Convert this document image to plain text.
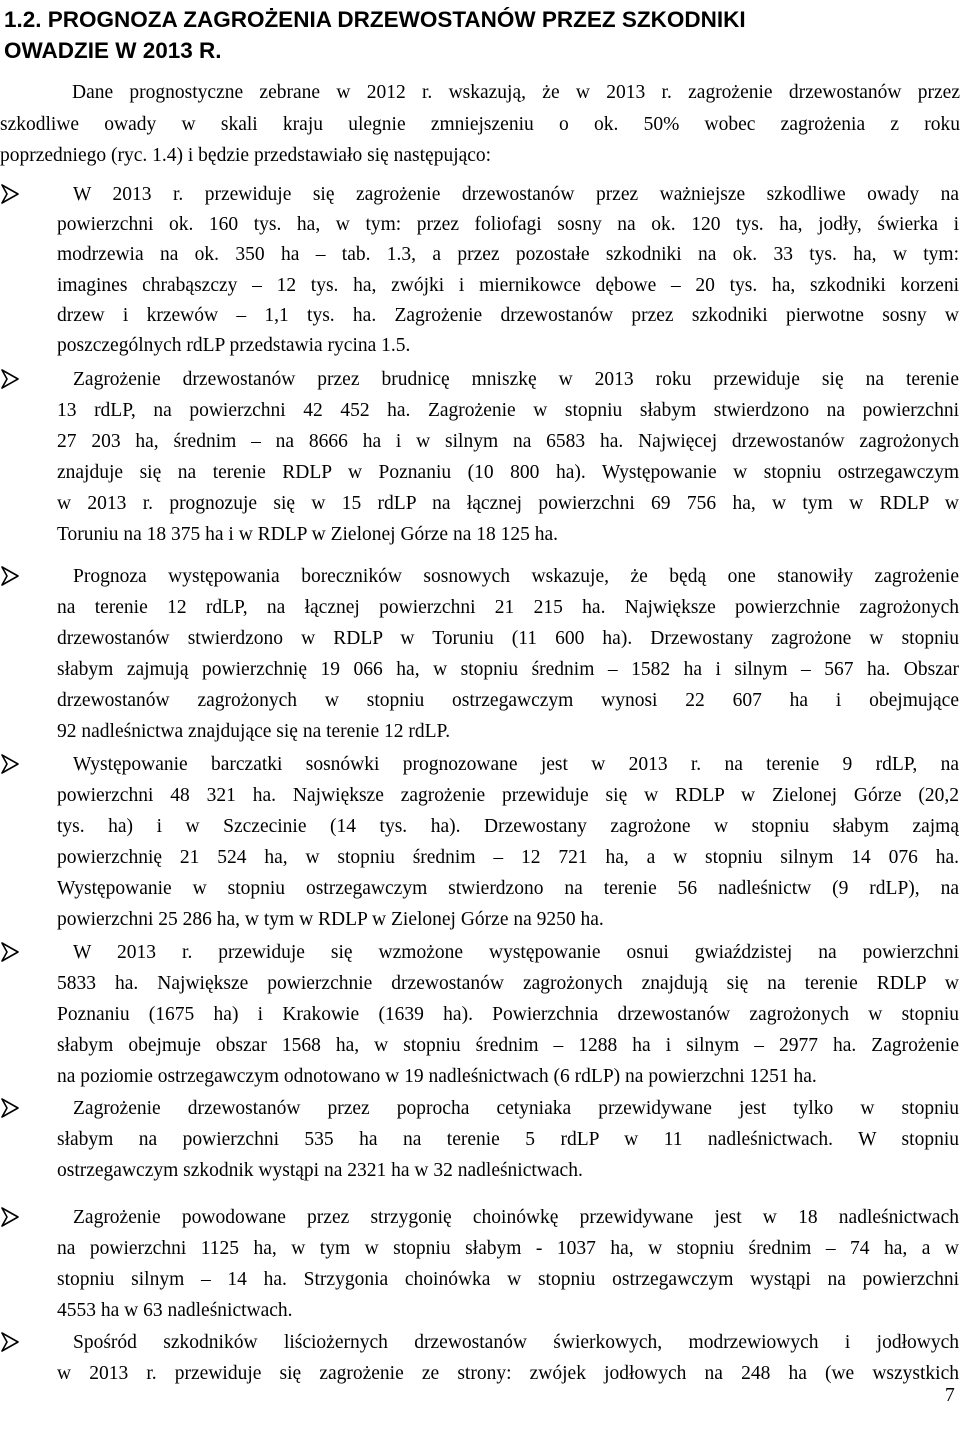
1.2. PROGNOZA ZAGROŻENIA DRZEWOSTANÓW PRZEZ SZKODNIKI
OWADZIE W 2013 R.
Dane prognostyczne zebrane w 2012 r. wskazują, że w 2013 r. zagrożenie drzewostanów przez
szkodliwe owady w skali kraju ulegnie zmniejszeniu o ok. 50% wobec zagrożenia z roku
poprzedniego (ryc. 1.4) i będzie przedstawiało się następująco:
W 2013 r. przewiduje się zagrożenie drzewostanów przez ważniejsze szkodliwe owady na
powierzchni ok. 160 tys. ha, w tym: przez foliofagi sosny na ok. 120 tys. ha, jodły, świerka i
modrzewia na ok. 350 ha – tab. 1.3, a przez pozostałe szkodniki na ok. 33 tys. ha, w tym:
imagines chrabąszczy – 12 tys. ha, zwójki i miernikowce dębowe – 20 tys. ha, szkodniki korzeni
drzew i krzewów – 1,1 tys. ha. Zagrożenie drzewostanów przez szkodniki pierwotne sosny w
poszczególnych rdLP przedstawia rycina 1.5.
Zagrożenie drzewostanów przez brudnicę mniszkę w 2013 roku przewiduje się na terenie
13 rdLP, na powierzchni 42 452 ha. Zagrożenie w stopniu słabym stwierdzono na powierzchni
27 203 ha, średnim – na 8666 ha i w silnym na 6583 ha. Najwięcej drzewostanów zagrożonych
znajduje się na terenie RDLP w Poznaniu (10 800 ha). Występowanie w stopniu ostrzegawczym
w 2013 r. prognozuje się w 15 rdLP na łącznej powierzchni 69 756 ha, w tym w RDLP w
Toruniu na 18 375 ha i w RDLP w Zielonej Górze na 18 125 ha.
Prognoza występowania boreczników sosnowych wskazuje, że będą one stanowiły zagrożenie
na terenie 12 rdLP, na łącznej powierzchni 21 215 ha. Największe powierzchnie zagrożonych
drzewostanów stwierdzono w RDLP w Toruniu (11 600 ha). Drzewostany zagrożone w stopniu
słabym zajmują powierzchnię 19 066 ha, w stopniu średnim – 1582 ha i silnym – 567 ha. Obszar
drzewostanów zagrożonych w stopniu ostrzegawczym wynosi 22 607 ha i obejmujące
92 nadleśnictwa znajdujące się na terenie 12 rdLP.
Występowanie barczatki sosnówki prognozowane jest w 2013 r. na terenie 9 rdLP, na
powierzchni 48 321 ha. Największe zagrożenie przewiduje się w RDLP w Zielonej Górze (20,2
tys. ha) i w Szczecinie (14 tys. ha). Drzewostany zagrożone w stopniu słabym zajmą
powierzchnię 21 524 ha, w stopniu średnim – 12 721 ha, a w stopniu silnym 14 076 ha.
Występowanie w stopniu ostrzegawczym stwierdzono na terenie 56 nadleśnictw (9 rdLP), na
powierzchni 25 286 ha, w tym w RDLP w Zielonej Górze na 9250 ha.
W 2013 r. przewiduje się wzmożone występowanie osnui gwiaździstej na powierzchni
5833 ha. Największe powierzchnie drzewostanów zagrożonych znajdują się na terenie RDLP w
Poznaniu (1675 ha) i Krakowie (1639 ha). Powierzchnia drzewostanów zagrożonych w stopniu
słabym obejmuje obszar 1568 ha, w stopniu średnim – 1288 ha i silnym – 2977 ha. Zagrożenie
na poziomie ostrzegawczym odnotowano w 19 nadleśnictwach (6 rdLP) na powierzchni 1251 ha.
Zagrożenie drzewostanów przez poprocha cetyniaka przewidywane jest tylko w stopniu
słabym na powierzchni 535 ha na terenie 5 rdLP w 11 nadleśnictwach. W stopniu
ostrzegawczym szkodnik wystąpi na 2321 ha w 32 nadleśnictwach.
Zagrożenie powodowane przez strzygonię choinówkę przewidywane jest w 18 nadleśnictwach
na powierzchni 1125 ha, w tym w stopniu słabym - 1037 ha, w stopniu średnim – 74 ha, a w
stopniu silnym – 14 ha. Strzygonia choinówka w stopniu ostrzegawczym wystąpi na powierzchni
4553 ha w 63 nadleśnictwach.
Spośród szkodników liściożernych drzewostanów świerkowych, modrzewiowych i jodłowych
w 2013 r. przewiduje się zagrożenie ze strony: zwójek jodłowych na 248 ha (we wszystkich
7
